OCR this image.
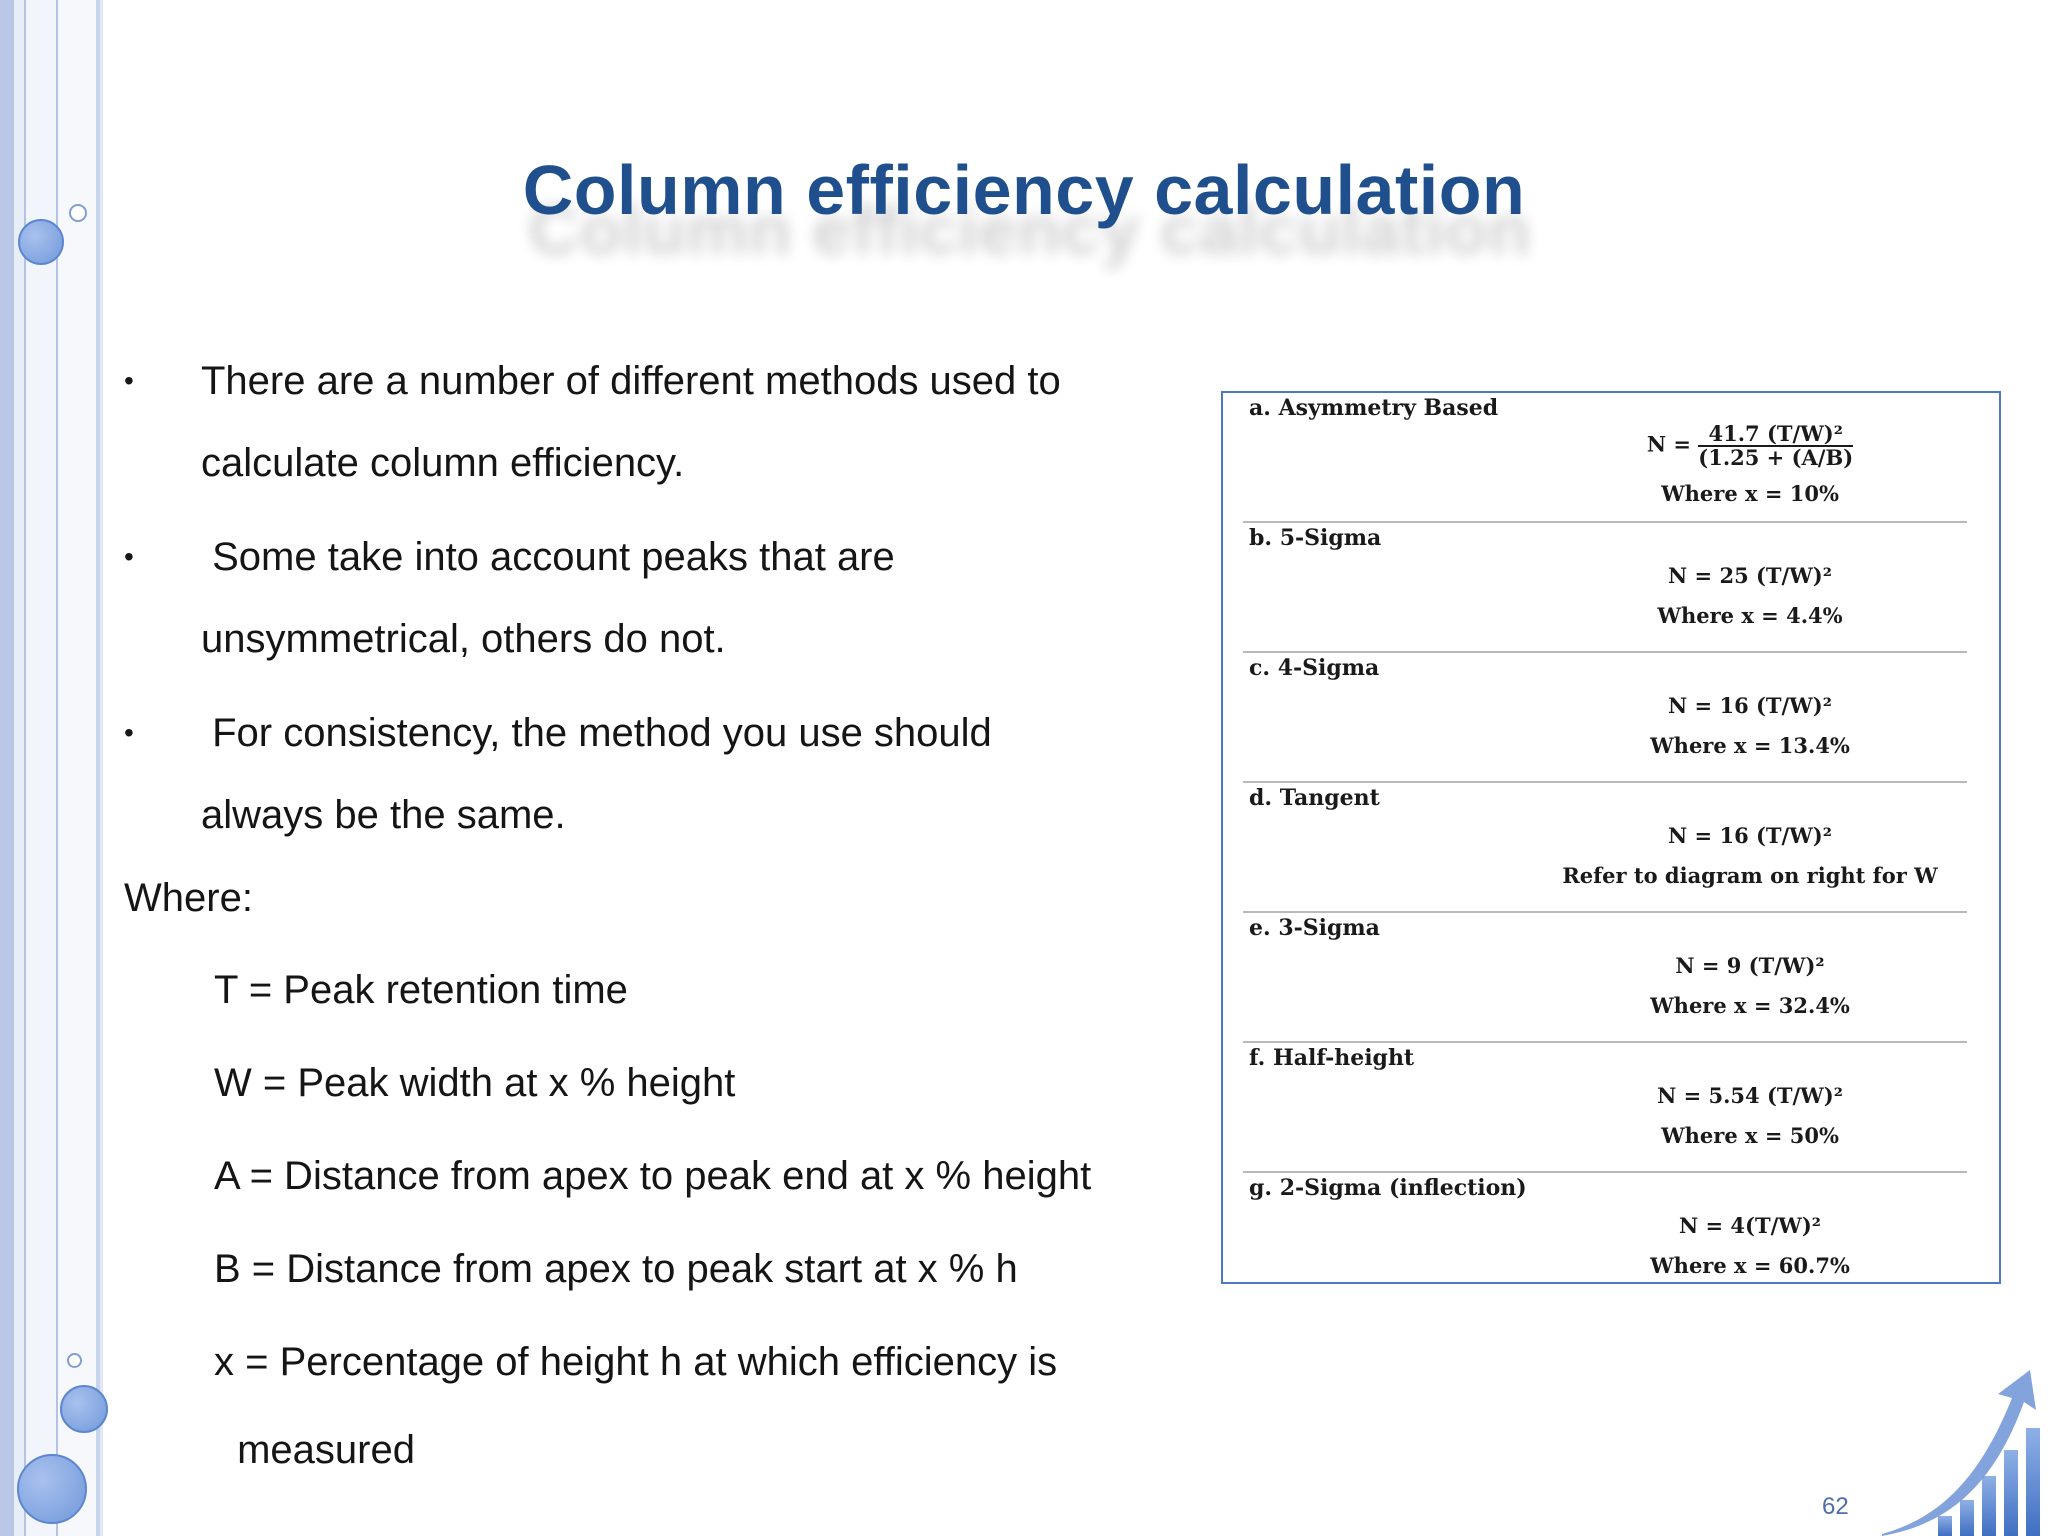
Column efficiency calculation
• There are a number of different methods used to
calculate column efficiency.
• Some take into account peaks that are
unsymmetrical, others do not.
• For consistency, the method you use should
always be the same.
Where:
T = Peak retention time
W = Peak width at x % height
A = Distance from apex to peak end at x % height
B = Distance from apex to peak start at x % h
x = Percentage of height h at which efficiency is
measured
a. Asymmetry Based
$N = \frac{\text{41.7 (T/W)²}}{(1.25 + (A/B)}$
Where x = 10%
b. 5-Sigma
N = 25 (T/W)²
Where x = 4.4%
c. 4-Sigma
N = 16 (T/W)²
Where x = 13.4%
d. Tangent
N = 16 (T/W)²
Refer to diagram on right for W
e. 3-Sigma
N = 9 (T/W)²
Where x = 32.4%
f. Half-height
N = 5.54 (T/W)²
Where x = 50%
g. 2-Sigma (inflection)
N = 4(T/W)²
Where x = 60.7%
62
